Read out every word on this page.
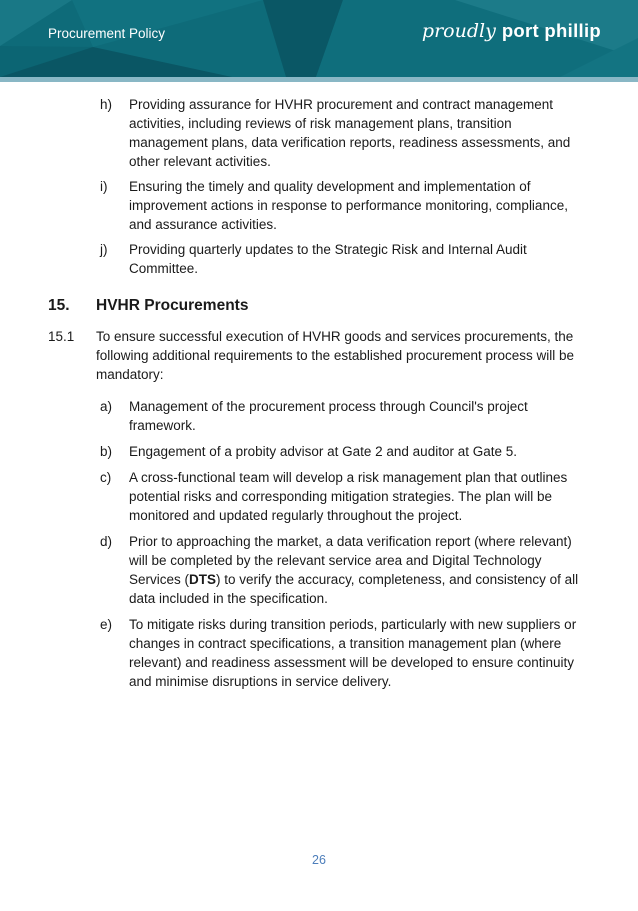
Procurement Policy	proudly port phillip
h)	Providing assurance for HVHR procurement and contract management activities, including reviews of risk management plans, transition management plans, data verification reports, readiness assessments, and other relevant activities.
i)	Ensuring the timely and quality development and implementation of improvement actions in response to performance monitoring, compliance, and assurance activities.
j)	Providing quarterly updates to the Strategic Risk and Internal Audit Committee.
15.	HVHR Procurements
15.1	To ensure successful execution of HVHR goods and services procurements, the following additional requirements to the established procurement process will be mandatory:
a)	Management of the procurement process through Council's project framework.
b)	Engagement of a probity advisor at Gate 2 and auditor at Gate 5.
c)	A cross-functional team will develop a risk management plan that outlines potential risks and corresponding mitigation strategies. The plan will be monitored and updated regularly throughout the project.
d)	Prior to approaching the market, a data verification report (where relevant) will be completed by the relevant service area and Digital Technology Services (DTS) to verify the accuracy, completeness, and consistency of all data included in the specification.
e)	To mitigate risks during transition periods, particularly with new suppliers or changes in contract specifications, a transition management plan (where relevant) and readiness assessment will be developed to ensure continuity and minimise disruptions in service delivery.
26
